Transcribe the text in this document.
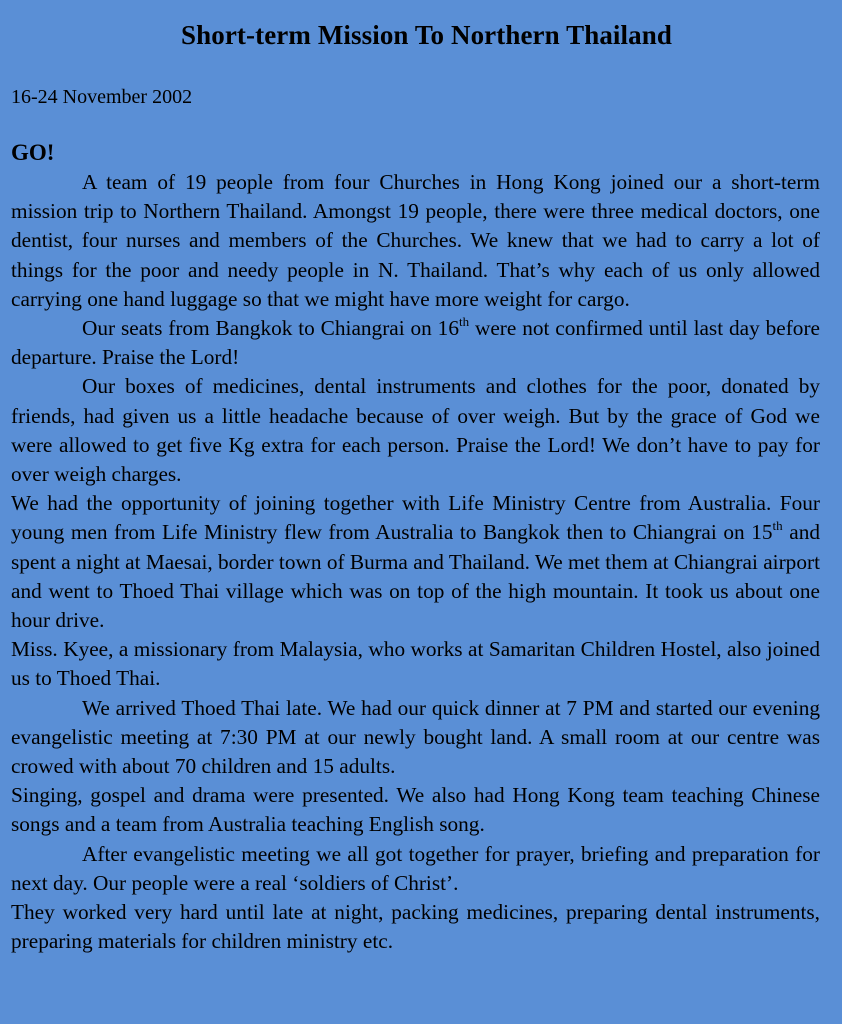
Short-term Mission To Northern Thailand

16-24 November 2002

GO!

A team of 19 people from four Churches in Hong Kong joined our a short-term mission trip to Northern Thailand. Amongst 19 people, there were three medical doctors, one dentist, four nurses and members of the Churches. We knew that we had to carry a lot of things for the poor and needy people in N. Thailand. That’s why each of us only allowed carrying one hand luggage so that we might have more weight for cargo.

Our seats from Bangkok to Chiangrai on 16th were not confirmed until last day before departure. Praise the Lord!

Our boxes of medicines, dental instruments and clothes for the poor, donated by friends, had given us a little headache because of over weigh. But by the grace of God we were allowed to get five Kg extra for each person. Praise the Lord! We don’t have to pay for over weigh charges.

We had the opportunity of joining together with Life Ministry Centre from Australia. Four young men from Life Ministry flew from Australia to Bangkok then to Chiangrai on 15th and spent a night at Maesai, border town of Burma and Thailand. We met them at Chiangrai airport and went to Thoed Thai village which was on top of the high mountain. It took us about one hour drive.

Miss. Kyee, a missionary from Malaysia, who works at Samaritan Children Hostel, also joined us to Thoed Thai.

We arrived Thoed Thai late. We had our quick dinner at 7 PM and started our evening evangelistic meeting at 7:30 PM at our newly bought land. A small room at our centre was crowed with about 70 children and 15 adults.

Singing, gospel and drama were presented. We also had Hong Kong team teaching Chinese songs and a team from Australia teaching English song.

After evangelistic meeting we all got together for prayer, briefing and preparation for next day. Our people were a real ‘soldiers of Christ’.

They worked very hard until late at night, packing medicines, preparing dental instruments, preparing materials for children ministry etc.
